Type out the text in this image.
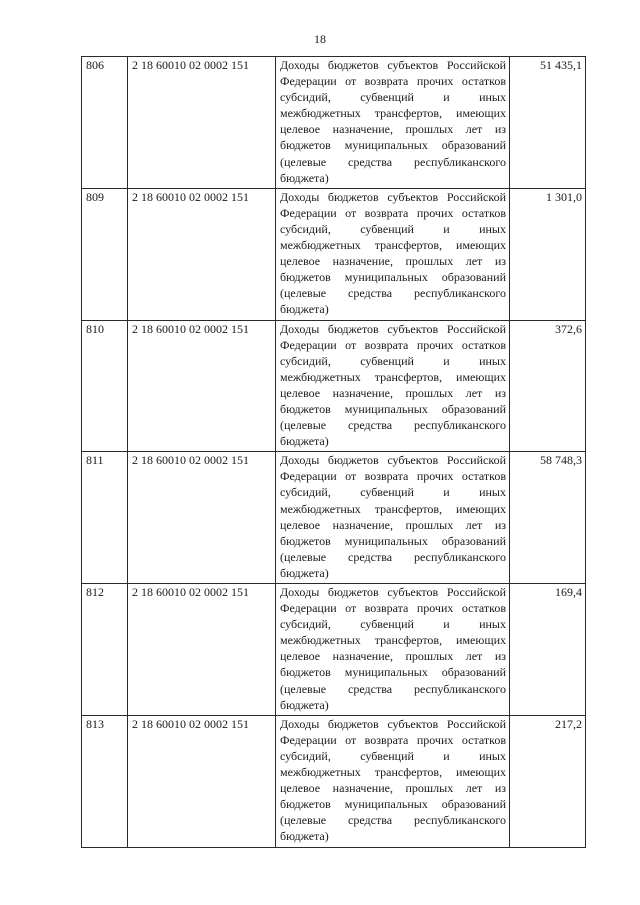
18
806	2 18 60010 02 0002 151	Доходы бюджетов субъектов Российской Федерации от возврата прочих остатков субсидий, субвенций и иных межбюджетных трансфертов, имеющих целевое назначение, прошлых лет из бюджетов муниципальных образований (целевые средства республиканского бюджета)	51 435,1
809	2 18 60010 02 0002 151	Доходы бюджетов субъектов Российской Федерации от возврата прочих остатков субсидий, субвенций и иных межбюджетных трансфертов, имеющих целевое назначение, прошлых лет из бюджетов муниципальных образований (целевые средства республиканского бюджета)	1 301,0
810	2 18 60010 02 0002 151	Доходы бюджетов субъектов Российской Федерации от возврата прочих остатков субсидий, субвенций и иных межбюджетных трансфертов, имеющих целевое назначение, прошлых лет из бюджетов муниципальных образований (целевые средства республиканского бюджета)	372,6
811	2 18 60010 02 0002 151	Доходы бюджетов субъектов Российской Федерации от возврата прочих остатков субсидий, субвенций и иных межбюджетных трансфертов, имеющих целевое назначение, прошлых лет из бюджетов муниципальных образований (целевые средства республиканского бюджета)	58 748,3
812	2 18 60010 02 0002 151	Доходы бюджетов субъектов Российской Федерации от возврата прочих остатков субсидий, субвенций и иных межбюджетных трансфертов, имеющих целевое назначение, прошлых лет из бюджетов муниципальных образований (целевые средства республиканского бюджета)	169,4
813	2 18 60010 02 0002 151	Доходы бюджетов субъектов Российской Федерации от возврата прочих остатков субсидий, субвенций и иных межбюджетных трансфертов, имеющих целевое назначение, прошлых лет из бюджетов муниципальных образований (целевые средства республиканского бюджета)	217,2
